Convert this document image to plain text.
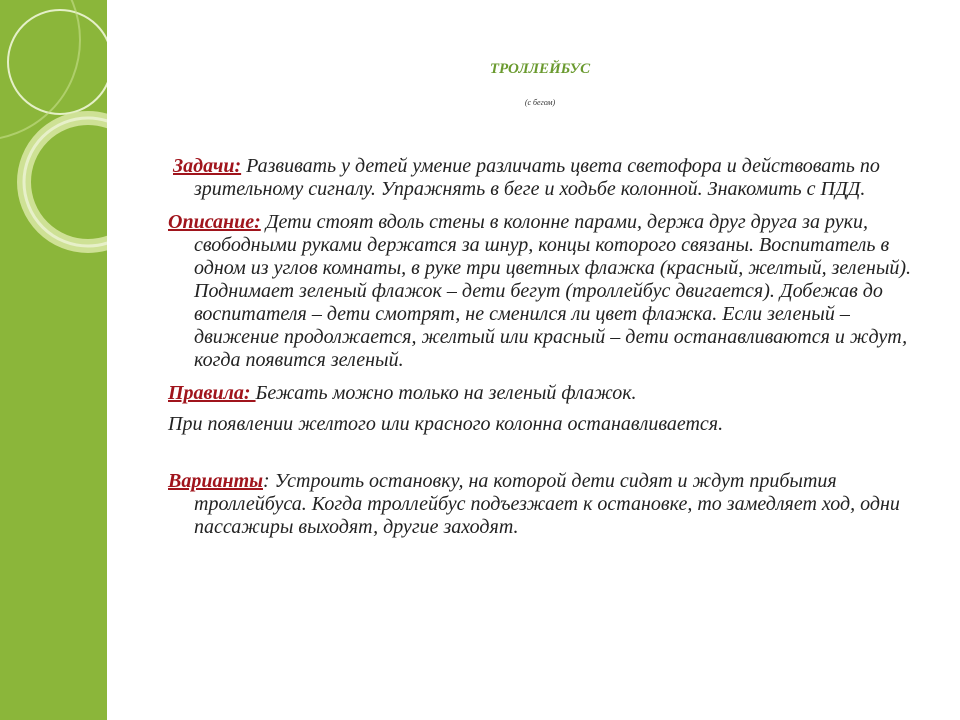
ТРОЛЛЕЙБУС
(с бегом)

Задачи: Развивать у детей умение различать цвета светофора и действовать по зрительному сигналу. Упражнять в беге и ходьбе колонной. Знакомить с ПДД.

Описание: Дети стоят вдоль стены в колонне парами, держа друг друга за руки, свободными руками держатся за шнур, концы которого связаны. Воспитатель в одном из углов комнаты, в руке три цветных флажка (красный, желтый, зеленый). Поднимает зеленый флажок – дети бегут (троллейбус двигается). Добежав до воспитателя – дети смотрят, не сменился ли цвет флажка. Если зеленый – движение продолжается, желтый или красный – дети останавливаются и ждут, когда появится зеленый.

Правила: Бежать можно только на зеленый флажок.

При появлении желтого или красного колонна останавливается.

Варианты: Устроить остановку, на которой дети сидят и ждут прибытия троллейбуса. Когда троллейбус подъезжает к остановке, то замедляет ход, одни пассажиры выходят, другие заходят.
